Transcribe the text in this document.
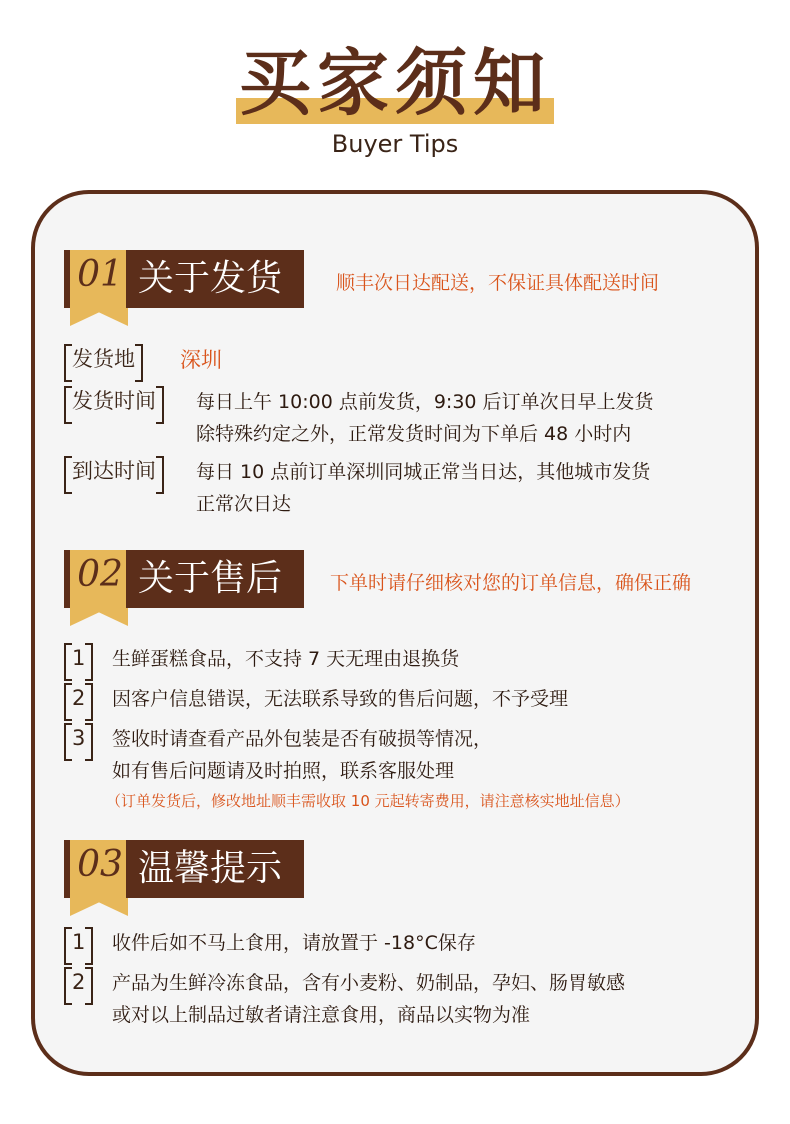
买家须知
Buyer Tips
01 关于发货	顺丰次日达配送，不保证具体配送时间
发货地	深圳
发货时间	每日上午 10:00 点前发货，9:30 后订单次日早上发货
除特殊约定之外，正常发货时间为下单后 48 小时内
到达时间	每日 10 点前订单深圳同城正常当日达，其他城市发货
正常次日达
02 关于售后	下单时请仔细核对您的订单信息，确保正确
1	生鲜蛋糕食品，不支持 7 天无理由退换货
2	因客户信息错误，无法联系导致的售后问题，不予受理
3	签收时请查看产品外包装是否有破损等情况，
如有售后问题请及时拍照，联系客服处理
（订单发货后，修改地址顺丰需收取 10 元起转寄费用，请注意核实地址信息）
03 温馨提示
1	收件后如不马上食用，请放置于 -18°C保存
2	产品为生鲜冷冻食品，含有小麦粉、奶制品，孕妇、肠胃敏感
或对以上制品过敏者请注意食用，商品以实物为准
